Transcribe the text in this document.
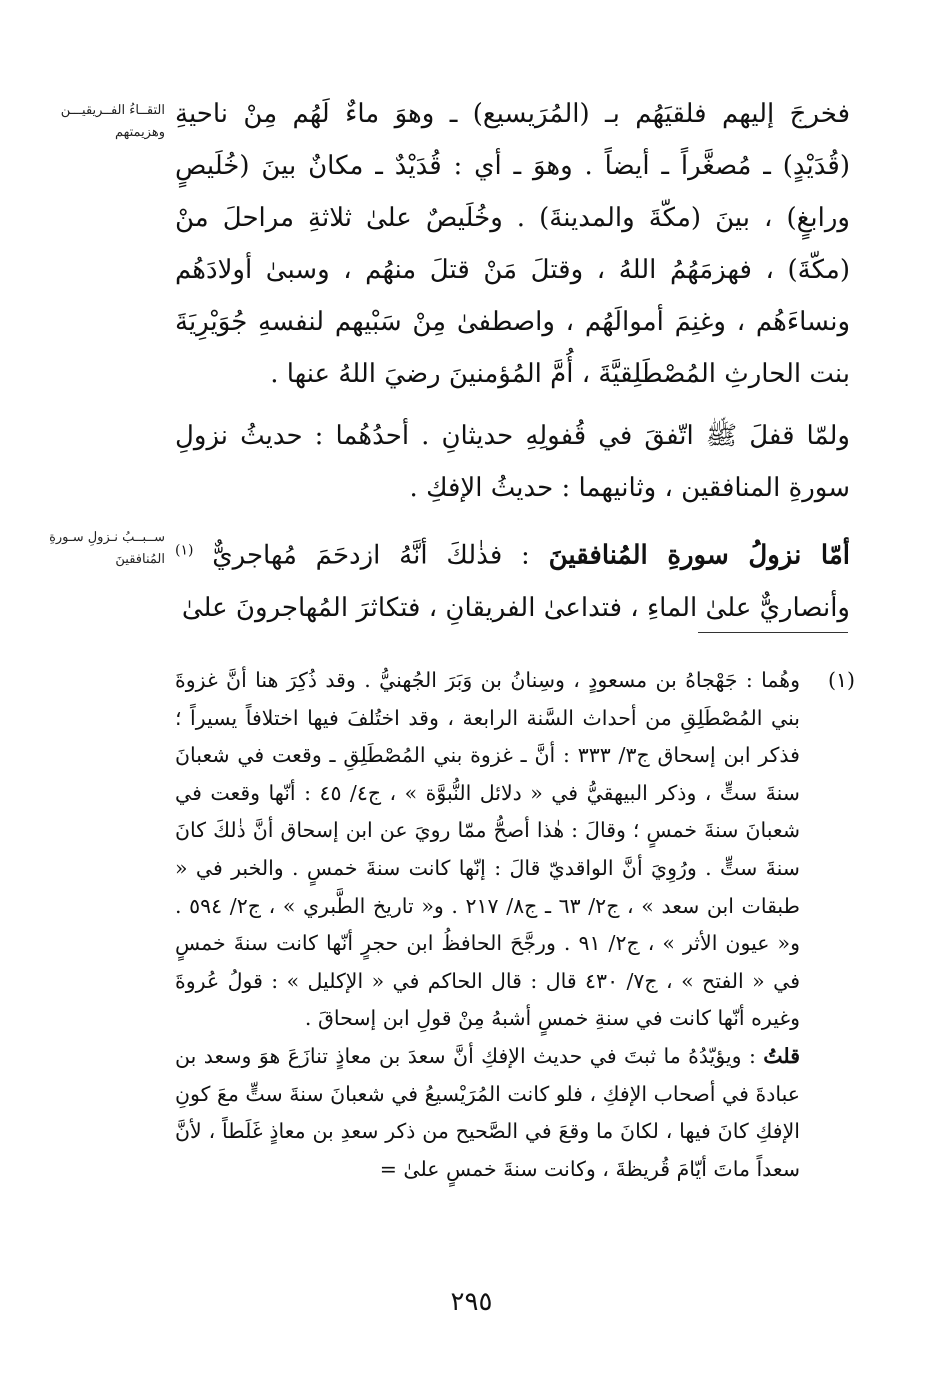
التقــاءُ الفــريقيـــن وهزيمتهم
ســبــبُ نـزولِ سـورةِ المُنافقينَ

فخرجَ إليهم فلقيَهُم بـ (المُرَيسيع) ـ وهوَ ماءٌ لَهُم مِنْ ناحيةِ (قُدَيْدٍ) ـ مُصغَّراً ـ أيضاً . وهوَ ـ أي : قُدَيْدٌ ـ مكانٌ بينَ (خُلَيصٍ ورابغٍ) ، بينَ (مكّةَ والمدينةَ) . وخُلَيصٌ علىٰ ثلاثةِ مراحلَ منْ (مكّةَ) ، فهزمَهُمُ اللهُ ، وقتلَ مَنْ قتلَ منهُم ، وسبىٰ أولادَهُم ونساءَهُم ، وغنِمَ أموالَهُم ، واصطفىٰ مِنْ سَبْيهم لنفسهِ جُوَيْرِيَةَ بنت الحارثِ المُصْطَلِقيَّةَ ، أُمَّ المُؤمنينَ رضيَ اللهُ عنها .

ولمّا قفلَ ﷺ اتّفقَ في قُفولِهِ حديثانِ . أحدُهُما : حديثُ نزولِ سورةِ المنافقين ، وثانيهما : حديثُ الإفكِ .

أمّا نزولُ سورةِ المُنافقينَ : فذٰلكَ أنَّهُ ازدحَمَ مُهاجريٌّ $^{(١)}$ وأنصاريٌّ علىٰ الماءِ ، فتداعىٰ الفريقانِ ، فتكاثرَ المُهاجرونَ علىٰ

(١)

وهُما : جَهْجاهُ بن مسعودٍ ، وسِنانُ بن وَبَرَ الجُهنيُّ . وقد ذُكِرَ هنا أنَّ غزوةَ بني المُصْطَلِقِ من أحداث السَّنة الرابعة ، وقد اختُلفَ فيها اختلافاً يسيراً ؛ فذكر ابن إسحاق ج٣/ ٣٣٣ : أنَّ ـ غزوة بني المُصْطَلِقِ ـ وقعت في شعبانَ سنةَ ستٍّ ، وذكر البيهقيُّ في « دلائل النُّبوَّة » ، ج٤/ ٤٥ : أنّها وقعت في شعبانَ سنةَ خمسٍ ؛ وقالَ : هٰذا أصحُّ ممّا رويَ عن ابن إسحاق أنَّ ذٰلكَ كانَ سنةَ ستٍّ . ورُوِيَ أنَّ الواقديّ قالَ : إنّها كانت سنةَ خمسٍ . والخبر في « طبقات ابن سعد » ، ج٢/ ٦٣ ـ ج٨/ ٢١٧ . و« تاريخ الطَّبري » ، ج٢/ ٥٩٤ . و« عيون الأثر » ، ج٢/ ٩١ . ورجَّحَ الحافظُ ابن حجرٍ أنّها كانت سنةَ خمسٍ في « الفتح » ، ج٧/ ٤٣٠ قال : قال الحاكم في « الإكليل » : قولُ عُروةَ وغيره أنّها كانت في سنةِ خمسٍ أشبهُ مِنْ قولِ ابن إسحاقَ .

قلتُ : ويؤيّدُهُ ما ثبتَ في حديث الإفكِ أنَّ سعدَ بن معاذٍ تنازَعَ هوَ وسعد بن عبادةَ في أصحاب الإفكِ ، فلو كانت المُرَيْسيعُ في شعبانَ سنةَ ستٍّ معَ كونِ الإفكِ كانَ فيها ، لكانَ ما وقعَ في الصَّحيح من ذكر سعدِ بن معاذٍ غَلَطاً ، لأنَّ سعداً ماتَ أيّامَ قُريظةَ ، وكانت سنةَ خمسٍ علىٰ =

٢٩٥
